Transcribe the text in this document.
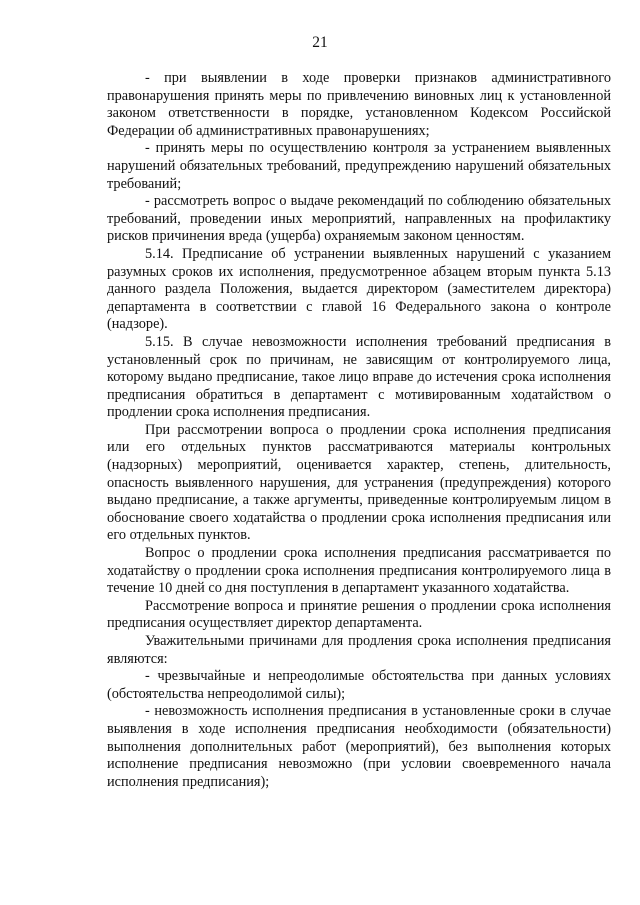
21

- при выявлении в ходе проверки признаков административного правонарушения принять меры по привлечению виновных лиц к установленной законом ответственности в порядке, установленном Кодексом Российской Федерации об административных правонарушениях;

- принять меры по осуществлению контроля за устранением выявленных нарушений обязательных требований, предупреждению нарушений обязательных требований;

- рассмотреть вопрос о выдаче рекомендаций по соблюдению обязательных требований, проведении иных мероприятий, направленных на профилактику рисков причинения вреда (ущерба) охраняемым законом ценностям.

5.14. Предписание об устранении выявленных нарушений с указанием разумных сроков их исполнения, предусмотренное абзацем вторым пункта 5.13 данного раздела Положения, выдается директором (заместителем директора) департамента в соответствии с главой 16 Федерального закона о контроле (надзоре).

5.15. В случае невозможности исполнения требований предписания в установленный срок по причинам, не зависящим от контролируемого лица, которому выдано предписание, такое лицо вправе до истечения срока исполнения предписания обратиться в департамент с мотивированным ходатайством о продлении срока исполнения предписания.

При рассмотрении вопроса о продлении срока исполнения предписания или его отдельных пунктов рассматриваются материалы контрольных (надзорных) мероприятий, оценивается характер, степень, длительность, опасность выявленного нарушения, для устранения (предупреждения) которого выдано предписание, а также аргументы, приведенные контролируемым лицом в обоснование своего ходатайства о продлении срока исполнения предписания или его отдельных пунктов.

Вопрос о продлении срока исполнения предписания рассматривается по ходатайству о продлении срока исполнения предписания контролируемого лица в течение 10 дней со дня поступления в департамент указанного ходатайства.

Рассмотрение вопроса и принятие решения о продлении срока исполнения предписания осуществляет директор департамента.

Уважительными причинами для продления срока исполнения предписания являются:

- чрезвычайные и непреодолимые обстоятельства при данных условиях (обстоятельства непреодолимой силы);

- невозможность исполнения предписания в установленные сроки в случае выявления в ходе исполнения предписания необходимости (обязательности) выполнения дополнительных работ (мероприятий), без выполнения которых исполнение предписания невозможно (при условии своевременного начала исполнения предписания);
